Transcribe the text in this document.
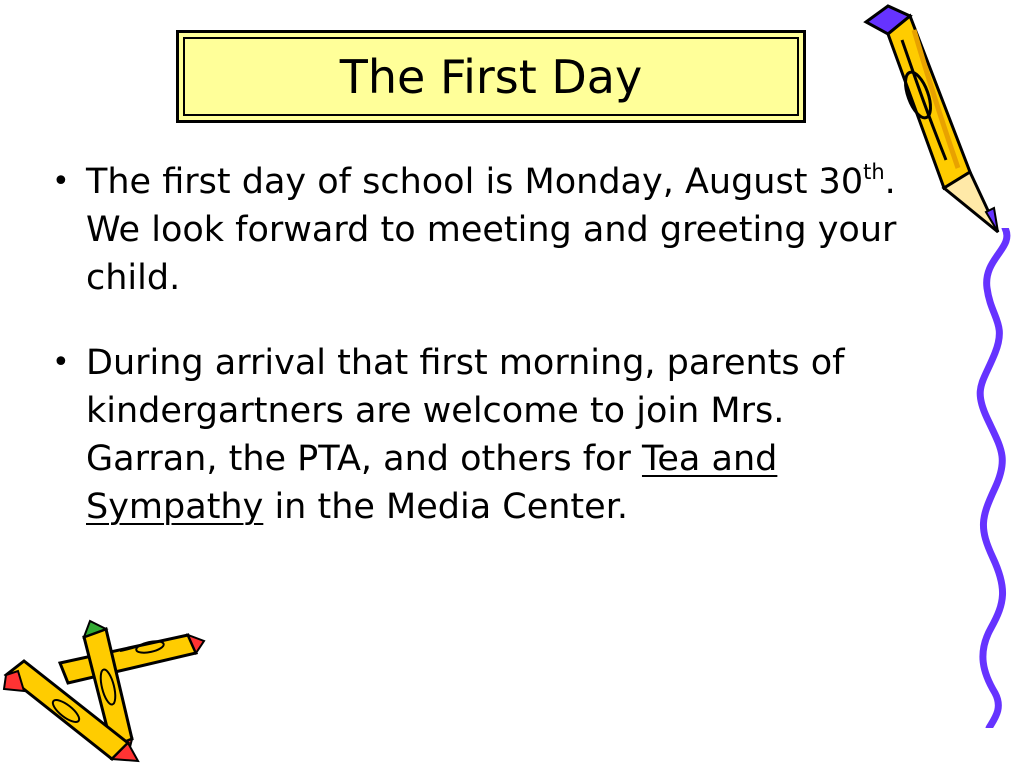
The First Day
• The first day of school is Monday, August 30th. We look forward to meeting and greeting your child.
• During arrival that first morning, parents of kindergartners are welcome to join Mrs. Garran, the PTA, and others for Tea and Sympathy in the Media Center.
